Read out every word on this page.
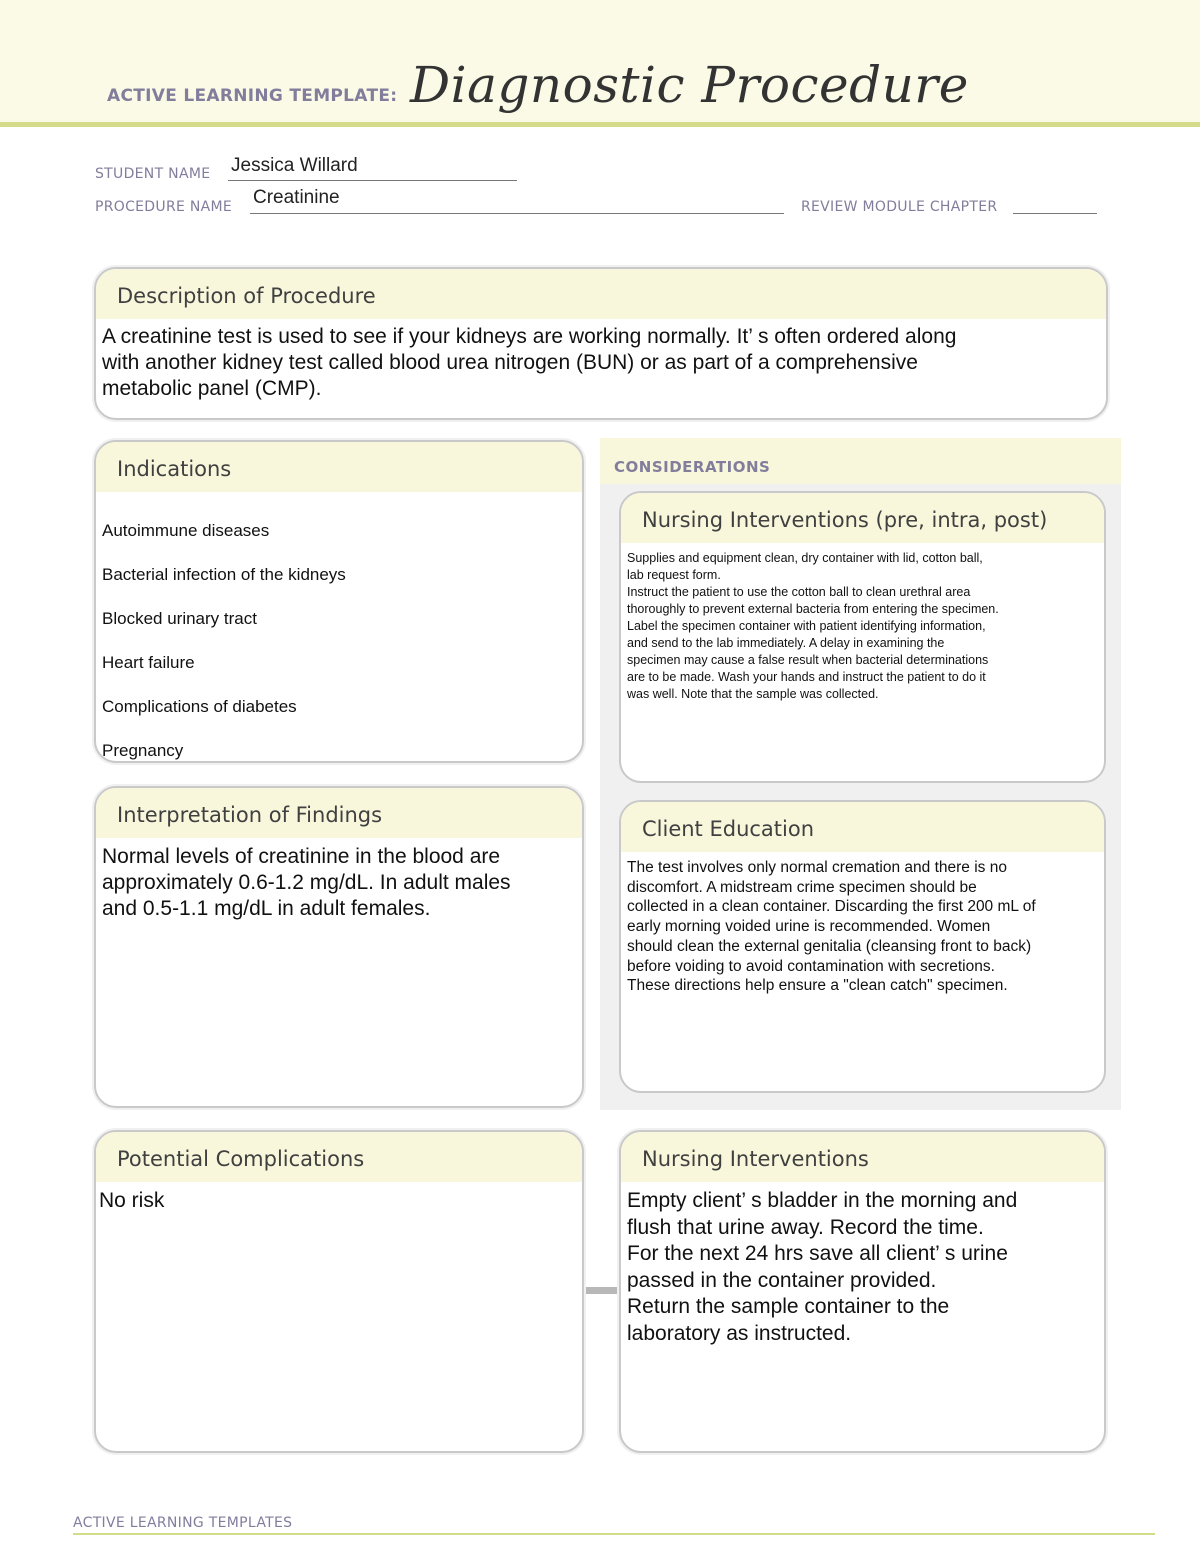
ACTIVE LEARNING TEMPLATE: Diagnostic Procedure
STUDENT NAME Jessica Willard
PROCEDURE NAME Creatinine	REVIEW MODULE CHAPTER
Description of Procedure
A creatinine test is used to see if your kidneys are working normally. It’ s often ordered along
with another kidney test called blood urea nitrogen (BUN) or as part of a comprehensive
metabolic panel (CMP).
CONSIDERATIONS
Indications

Autoimmune diseases

Bacterial infection of the kidneys

Blocked urinary tract

Heart failure

Complications of diabetes

Pregnancy

Nursing Interventions (pre, intra, post)
Supplies and equipment clean, dry container with lid, cotton ball,
lab request form.
Instruct the patient to use the cotton ball to clean urethral area
thoroughly to prevent external bacteria from entering the specimen.
Label the specimen container with patient identifying information,
and send to the lab immediately. A delay in examining the
specimen may cause a false result when bacterial determinations
are to be made. Wash your hands and instruct the patient to do it
was well. Note that the sample was collected.
Interpretation of Findings
Normal levels of creatinine in the blood are
approximately 0.6-1.2 mg/dL. In adult males
and 0.5-1.1 mg/dL in adult females.
Client Education
The test involves only normal cremation and there is no
discomfort. A midstream crime specimen should be
collected in a clean container. Discarding the first 200 mL of
early morning voided urine is recommended. Women
should clean the external genitalia (cleansing front to back)
before voiding to avoid contamination with secretions.
These directions help ensure a "clean catch" specimen.
Potential Complications
No risk
Nursing Interventions
Empty client’ s bladder in the morning and
flush that urine away. Record the time.
For the next 24 hrs save all client’ s urine
passed in the container provided.
Return the sample container to the
laboratory as instructed.
ACTIVE LEARNING TEMPLATES
